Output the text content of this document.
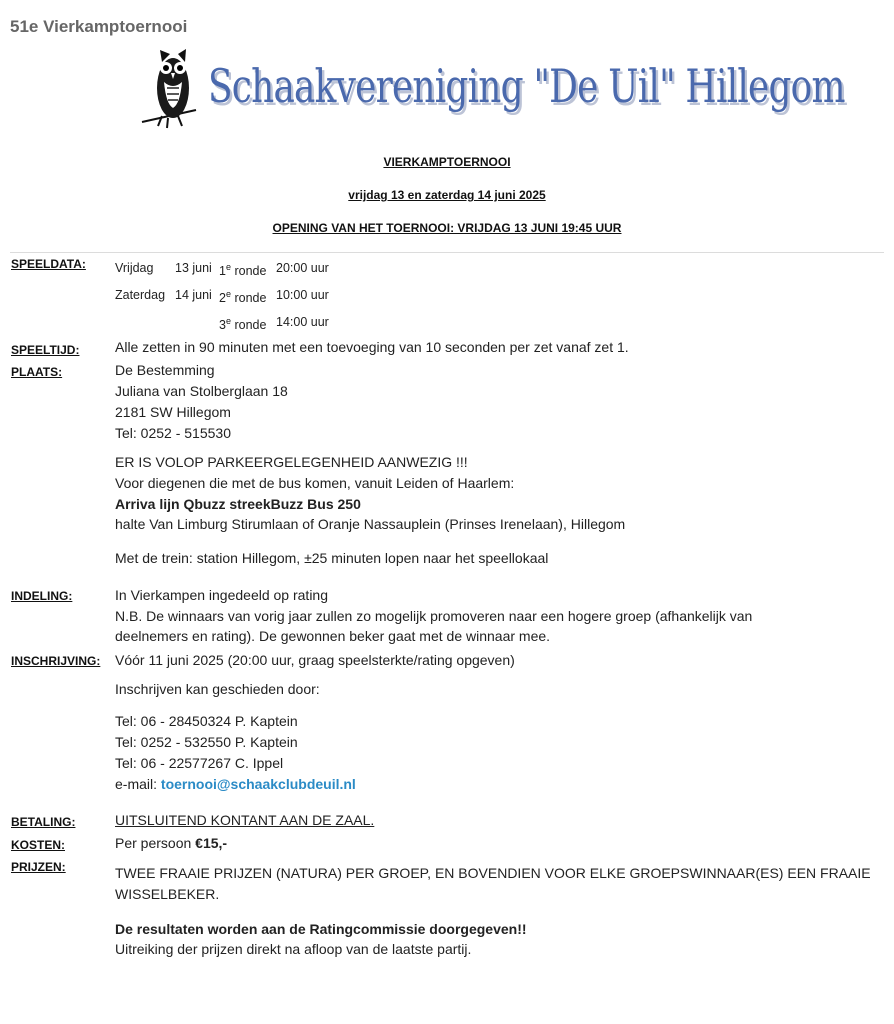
51e Vierkamptoernooi
Schaakvereniging "De Uil" Hillegom
VIERKAMPTOERNOOI
vrijdag 13 en zaterdag 14 juni 2025
OPENING VAN HET TOERNOOI: VRIJDAG 13 JUNI 19:45 UUR
SPEELDATA: Vrijdag 13 juni 1e ronde 20:00 uur
Zaterdag 14 juni 2e ronde 10:00 uur
3e ronde 14:00 uur
SPEELTIJD:	Alle zetten in 90 minuten met een toevoeging van 10 seconden per zet vanaf zet 1.
PLAATS:	De Bestemming
Juliana van Stolberglaan 18
2181 SW Hillegom
Tel: 0252 - 515530
ER IS VOLOP PARKEERGELEGENHEID AANWEZIG !!!
Voor diegenen die met de bus komen, vanuit Leiden of Haarlem:
Arriva lijn Qbuzz streekBuzz Bus 250
halte Van Limburg Stirumlaan of Oranje Nassauplein (Prinses Irenelaan), Hillegom
Met de trein: station Hillegom, ±25 minuten lopen naar het speellokaal
INDELING:	In Vierkampen ingedeeld op rating
N.B. De winnaars van vorig jaar zullen zo mogelijk promoveren naar een hogere groep (afhankelijk van
deelnemers en rating). De gewonnen beker gaat met de winnaar mee.
INSCHRIJVING: Vóór 11 juni 2025 (20:00 uur, graag speelsterkte/rating opgeven)
Inschrijven kan geschieden door:
Tel: 06 - 28450324 P. Kaptein
Tel: 0252 - 532550 P. Kaptein
Tel: 06 - 22577267 C. Ippel
e-mail: toernooi@schaakclubdeuil.nl
BETALING:	UITSLUITEND KONTANT AAN DE ZAAL.
KOSTEN:	Per persoon €15,-
PRIJZEN:	TWEE FRAAIE PRIJZEN (NATURA) PER GROEP, EN BOVENDIEN VOOR ELKE GROEPSWINNAAR(ES) EEN FRAAIE
WISSELBEKER.
De resultaten worden aan de Ratingcommissie doorgegeven!!
Uitreiking der prijzen direkt na afloop van de laatste partij.
